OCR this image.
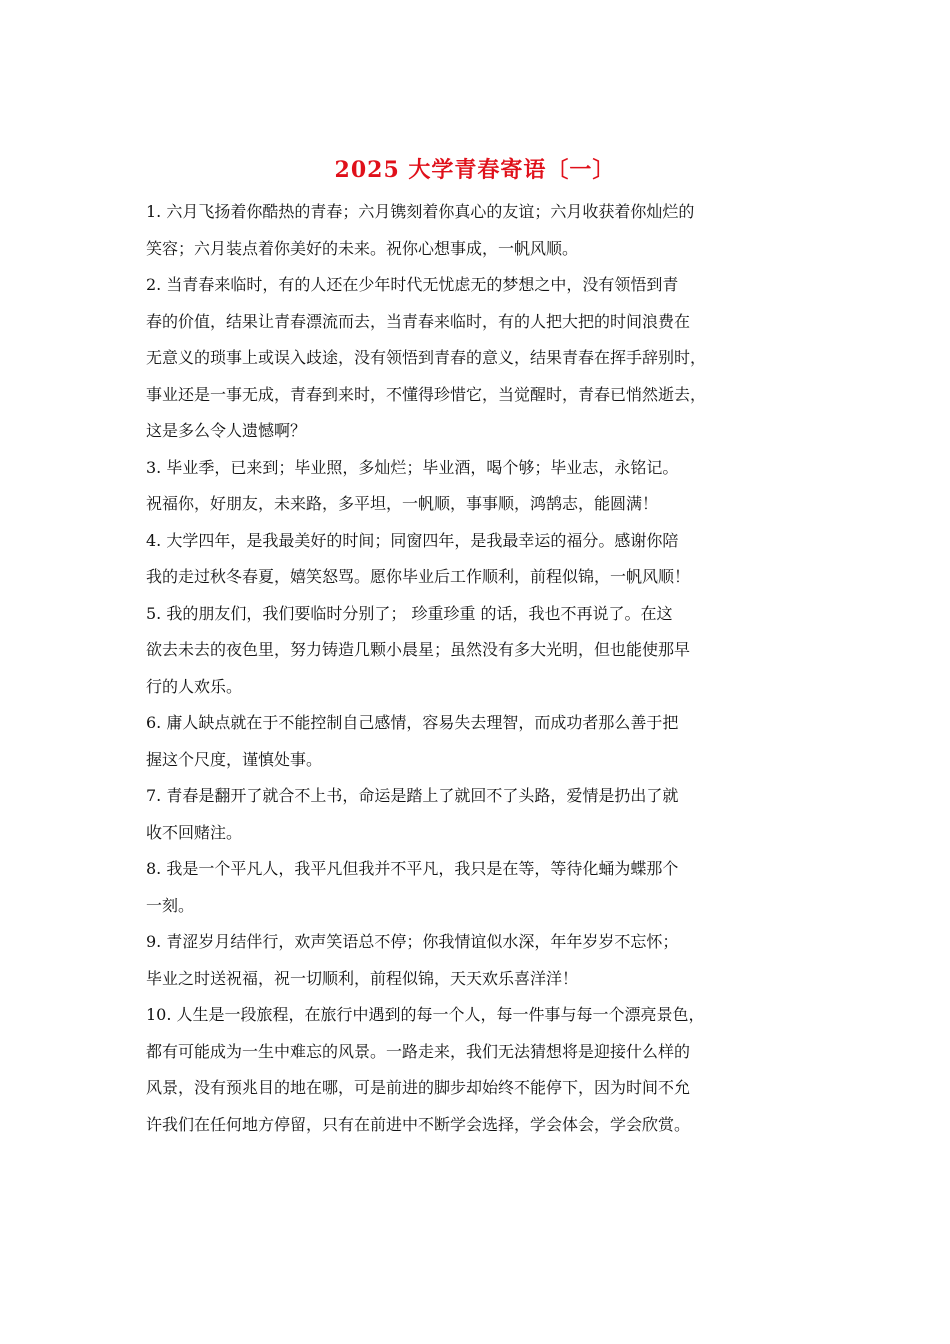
2025 大学青春寄语〔一〕
1. 六月飞扬着你酷热的青春；六月镌刻着你真心的友谊；六月收获着你灿烂的
笑容；六月装点着你美好的未来。祝你心想事成，一帆风顺。
2. 当青春来临时，有的人还在少年时代无忧虑无的梦想之中，没有领悟到青
春的价值，结果让青春漂流而去，当青春来临时，有的人把大把的时间浪费在
无意义的琐事上或误入歧途，没有领悟到青春的意义，结果青春在挥手辞别时，
事业还是一事无成，青春到来时，不懂得珍惜它，当觉醒时，青春已悄然逝去，
这是多么令人遗憾啊？
3. 毕业季，已来到；毕业照，多灿烂；毕业酒，喝个够；毕业志，永铭记。
祝福你，好朋友，未来路，多平坦，一帆顺，事事顺，鸿鹄志，能圆满！
4. 大学四年，是我最美好的时间；同窗四年，是我最幸运的福分。感谢你陪
我的走过秋冬春夏，嬉笑怒骂。愿你毕业后工作顺利，前程似锦，一帆风顺！
5. 我的朋友们，我们要临时分别了； 珍重珍重 的话，我也不再说了。在这
欲去未去的夜色里，努力铸造几颗小晨星；虽然没有多大光明，但也能使那早
行的人欢乐。
6. 庸人缺点就在于不能控制自己感情，容易失去理智，而成功者那么善于把
握这个尺度，谨慎处事。
7. 青春是翻开了就合不上书，命运是踏上了就回不了头路，爱情是扔出了就
收不回赌注。
8. 我是一个平凡人，我平凡但我并不平凡，我只是在等，等待化蛹为蝶那个
一刻。
9. 青涩岁月结伴行，欢声笑语总不停；你我情谊似水深，年年岁岁不忘怀；
毕业之时送祝福，祝一切顺利，前程似锦，天天欢乐喜洋洋！
10. 人生是一段旅程，在旅行中遇到的每一个人，每一件事与每一个漂亮景色，
都有可能成为一生中难忘的风景。一路走来，我们无法猜想将是迎接什么样的
风景，没有预兆目的地在哪，可是前进的脚步却始终不能停下，因为时间不允
许我们在任何地方停留，只有在前进中不断学会选择，学会体会，学会欣赏。
